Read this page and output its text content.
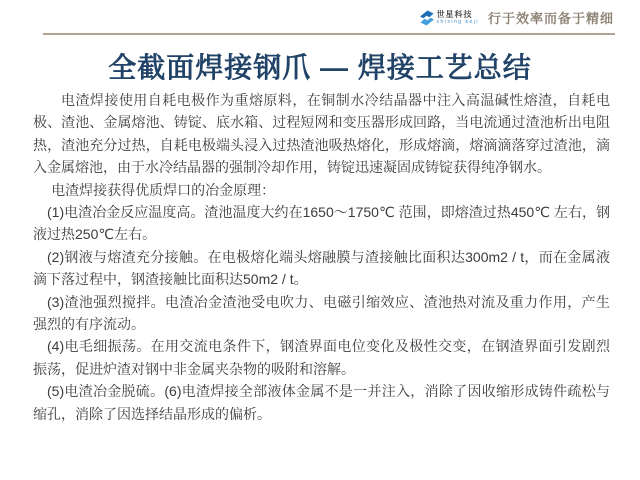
世星科技
shixing keji 行于效率而备于精细
全截面焊接钢爪 — 焊接工艺总结

电渣焊接使用自耗电极作为重熔原料，在铜制水冷结晶器中注入高温碱性熔渣，自耗电极、渣池、金属熔池、铸锭、底水箱、过程短网和变压器形成回路，当电流通过渣池析出电阻热，渣池充分过热，自耗电极端头浸入过热渣池吸热熔化，形成熔滴，熔滴滴落穿过渣池，滴入金属熔池，由于水冷结晶器的强制冷却作用，铸锭迅速凝固成铸锭获得纯净钢水。

电渣焊接获得优质焊口的冶金原理：

(1)电渣冶金反应温度高。渣池温度大约在1650～1750℃ 范围，即熔渣过热450℃ 左右，钢液过热250℃左右。

(2)钢液与熔渣充分接触。在电极熔化端头熔融膜与渣接触比面积达300m2 / t，而在金属液滴下落过程中，钢渣接触比面积达50m2 / t。

(3)渣池强烈搅拌。电渣冶金渣池受电吹力、电磁引缩效应、渣池热对流及重力作用，产生强烈的有序流动。

(4)电毛细振荡。在用交流电条件下，钢渣界面电位变化及极性交变，在钢渣界面引发剧烈振荡，促进炉渣对钢中非金属夹杂物的吸附和溶解。

(5)电渣冶金脱硫。(6)电渣焊接全部液体金属不是一并注入，消除了因收缩形成铸件疏松与缩孔，消除了因选择结晶形成的偏析。
